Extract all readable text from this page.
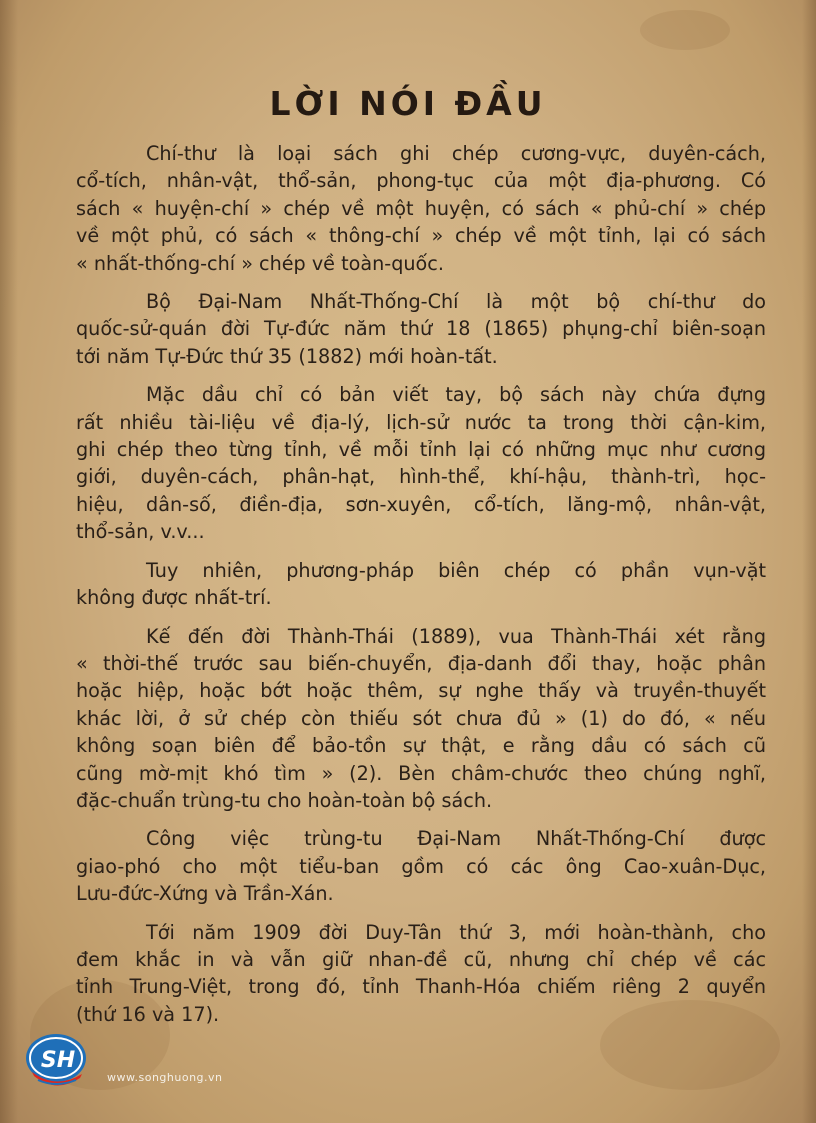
LỜI NÓI ĐẦU
Chí-thư là loại sách ghi chép cương-vực, duyên-cách,
cổ-tích, nhân-vật, thổ-sản, phong-tục của một địa-phương. Có
sách « huyện-chí » chép về một huyện, có sách « phủ-chí » chép
về một phủ, có sách « thông-chí » chép về một tỉnh, lại có sách
« nhất-thống-chí » chép về toàn-quốc.
Bộ Đại-Nam Nhất-Thống-Chí là một bộ chí-thư do
quốc-sử-quán đời Tự-đức năm thứ 18 (1865) phụng-chỉ biên-soạn
tới năm Tự-Đức thứ 35 (1882) mới hoàn-tất.
Mặc dầu chỉ có bản viết tay, bộ sách này chứa đựng
rất nhiều tài-liệu về địa-lý, lịch-sử nước ta trong thời cận-kim,
ghi chép theo từng tỉnh, về mỗi tỉnh lại có những mục như cương
giới, duyên-cách, phân-hạt, hình-thể, khí-hậu, thành-trì, học-
hiệu, dân-số, điền-địa, sơn-xuyên, cổ-tích, lăng-mộ, nhân-vật,
thổ-sản, v.v...
Tuy nhiên, phương-pháp biên chép có phần vụn-vặt
không được nhất-trí.
Kế đến đời Thành-Thái (1889), vua Thành-Thái xét rằng
« thời-thế trước sau biến-chuyển, địa-danh đổi thay, hoặc phân
hoặc hiệp, hoặc bớt hoặc thêm, sự nghe thấy và truyền-thuyết
khác lời, ở sử chép còn thiếu sót chưa đủ » (1) do đó, « nếu
không soạn biên để bảo-tồn sự thật, e rằng dầu có sách cũ
cũng mờ-mịt khó tìm » (2). Bèn châm-chước theo chúng nghĩ,
đặc-chuẩn trùng-tu cho hoàn-toàn bộ sách.
Công việc trùng-tu Đại-Nam Nhất-Thống-Chí được
giao-phó cho một tiểu-ban gồm có các ông Cao-xuân-Dục,
Lưu-đức-Xứng và Trần-Xán.
Tới năm 1909 đời Duy-Tân thứ 3, mới hoàn-thành, cho
đem khắc in và vẫn giữ nhan-đề cũ, nhưng chỉ chép về các
tỉnh Trung-Việt, trong đó, tỉnh Thanh-Hóa chiếm riêng 2 quyển
(thứ 16 và 17).
SH
www.songhuong.vn
